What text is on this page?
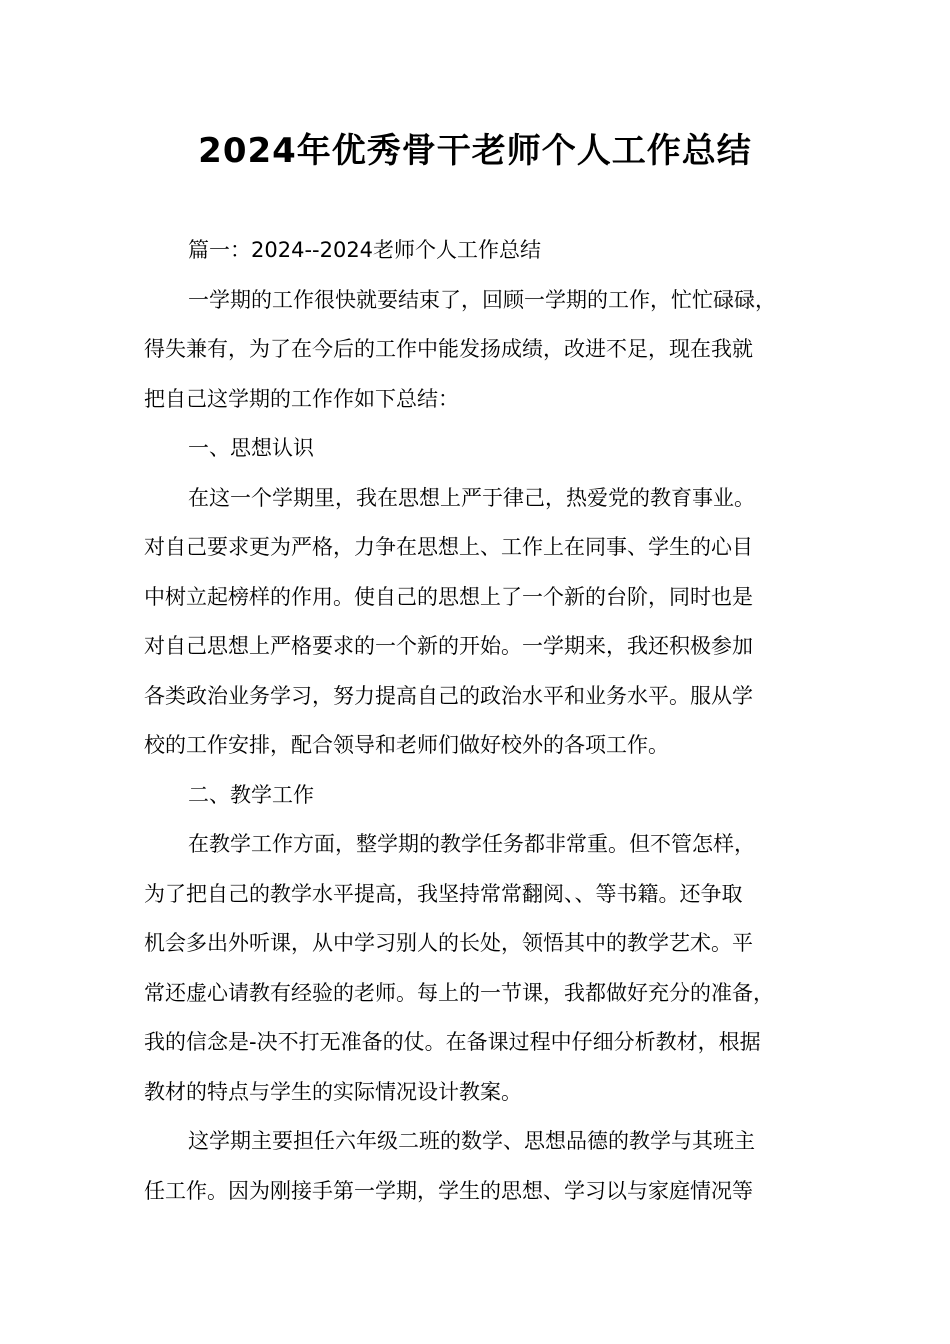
2024年优秀骨干老师个人工作总结
篇一：2024--2024老师个人工作总结
一学期的工作很快就要结束了，回顾一学期的工作，忙忙碌碌，
得失兼有，为了在今后的工作中能发扬成绩，改进不足，现在我就
把自己这学期的工作作如下总结：
一、思想认识
在这一个学期里，我在思想上严于律己，热爱党的教育事业。
对自己要求更为严格，力争在思想上、工作上在同事、学生的心目
中树立起榜样的作用。使自己的思想上了一个新的台阶，同时也是
对自己思想上严格要求的一个新的开始。一学期来，我还积极参加
各类政治业务学习，努力提高自己的政治水平和业务水平。服从学
校的工作安排，配合领导和老师们做好校外的各项工作。
二、教学工作
在教学工作方面，整学期的教学任务都非常重。但不管怎样，
为了把自己的教学水平提高，我坚持常常翻阅、、等书籍。还争取
机会多出外听课，从中学习别人的长处，领悟其中的教学艺术。平
常还虚心请教有经验的老师。每上的一节课，我都做好充分的准备，
我的信念是-决不打无准备的仗。在备课过程中仔细分析教材，根据
教材的特点与学生的实际情况设计教案。
这学期主要担任六年级二班的数学、思想品德的教学与其班主
任工作。因为刚接手第一学期，学生的思想、学习以与家庭情况等
